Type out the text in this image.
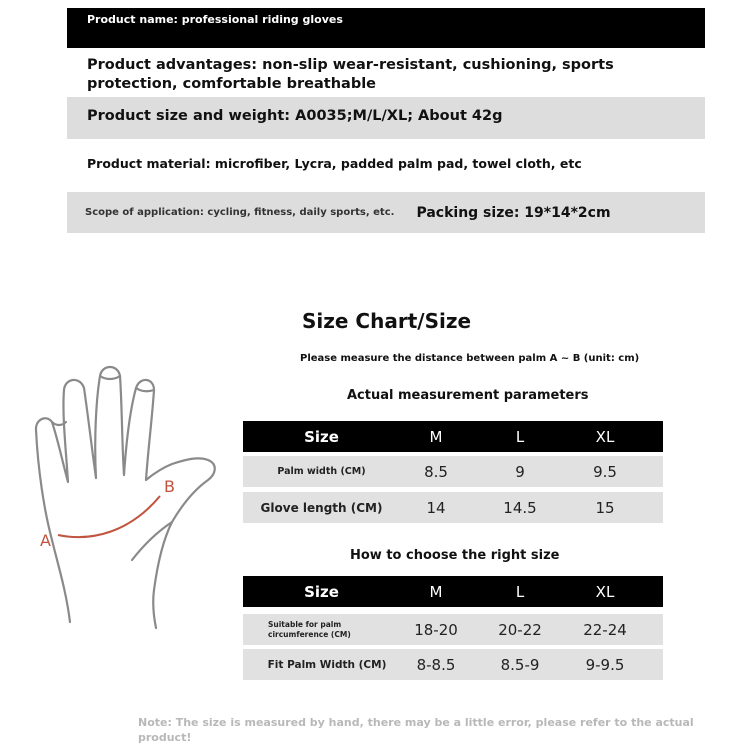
Product name: professional riding gloves
Product advantages: non-slip wear-resistant, cushioning, sports protection, comfortable breathable
Product size and weight: A0035;M/L/XL; About 42g
Product material: microfiber, Lycra, padded palm pad, towel cloth, etc
Scope of application: cycling, fitness, daily sports, etc. Packing size: 19*14*2cm
Size Chart/Size
Please measure the distance between palm A ~ B (unit: cm)
A
B
Actual measurement parameters
Size	M	L	XL
Palm width (CM)	8.5	9	9.5
Glove length (CM)	14	14.5	15
How to choose the right size
Size	M	L	XL
Suitable for palm
circumference (CM)	18-20	20-22	22-24
Fit Palm Width (CM)	8-8.5	8.5-9	9-9.5
Note: The size is measured by hand, there may be a little error, please refer to the actual product!
